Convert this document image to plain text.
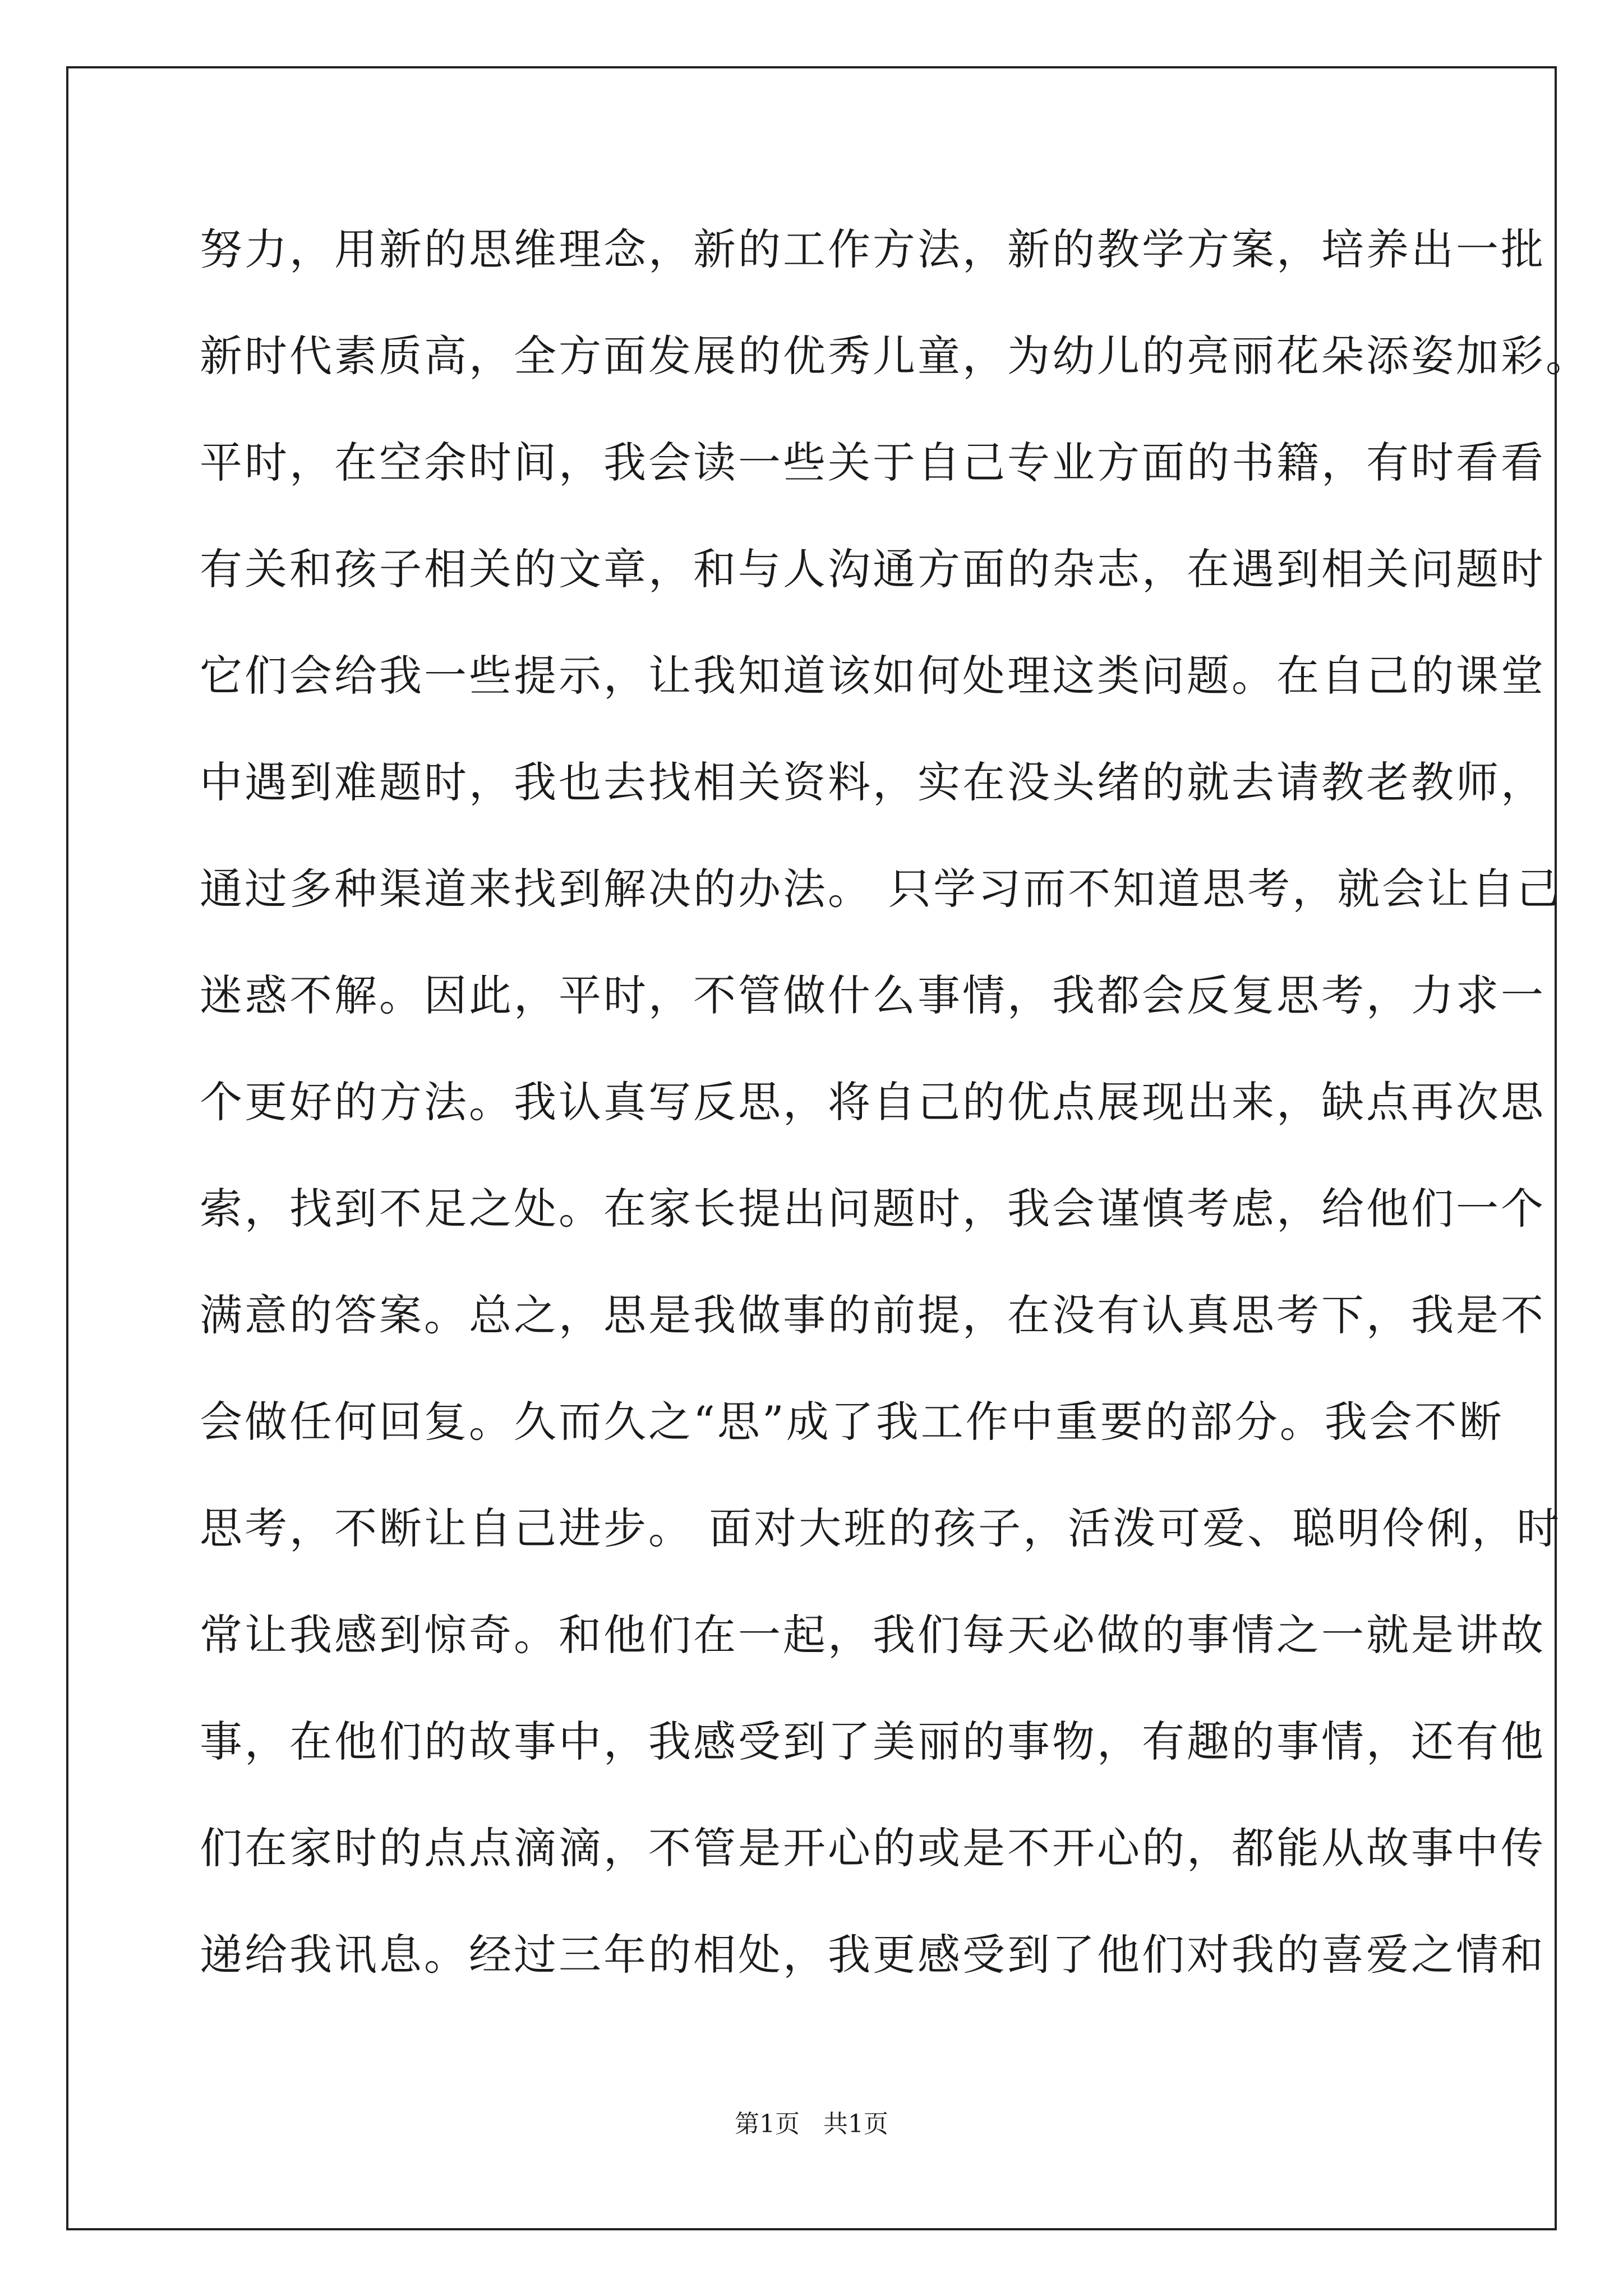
努力，用新的思维理念，新的工作方法，新的教学方案，培养出一批
新时代素质高，全方面发展的优秀儿童，为幼儿的亮丽花朵添姿加彩。
平时，在空余时间，我会读一些关于自己专业方面的书籍，有时看看
有关和孩子相关的文章，和与人沟通方面的杂志，在遇到相关问题时
它们会给我一些提示，让我知道该如何处理这类问题。在自己的课堂
中遇到难题时，我也去找相关资料，实在没头绪的就去请教老教师，
通过多种渠道来找到解决的办法。 只学习而不知道思考，就会让自己
迷惑不解。因此，平时，不管做什么事情，我都会反复思考，力求一
个更好的方法。我认真写反思，将自己的优点展现出来，缺点再次思
索，找到不足之处。在家长提出问题时，我会谨慎考虑，给他们一个
满意的答案。总之，思是我做事的前提，在没有认真思考下，我是不
会做任何回复。久而久之“思”成了我工作中重要的部分。我会不断
思考，不断让自己进步。 面对大班的孩子，活泼可爱、聪明伶俐，时
常让我感到惊奇。和他们在一起，我们每天必做的事情之一就是讲故
事，在他们的故事中，我感受到了美丽的事物，有趣的事情，还有他
们在家时的点点滴滴，不管是开心的或是不开心的，都能从故事中传
递给我讯息。经过三年的相处，我更感受到了他们对我的喜爱之情和
第1页   共1页
